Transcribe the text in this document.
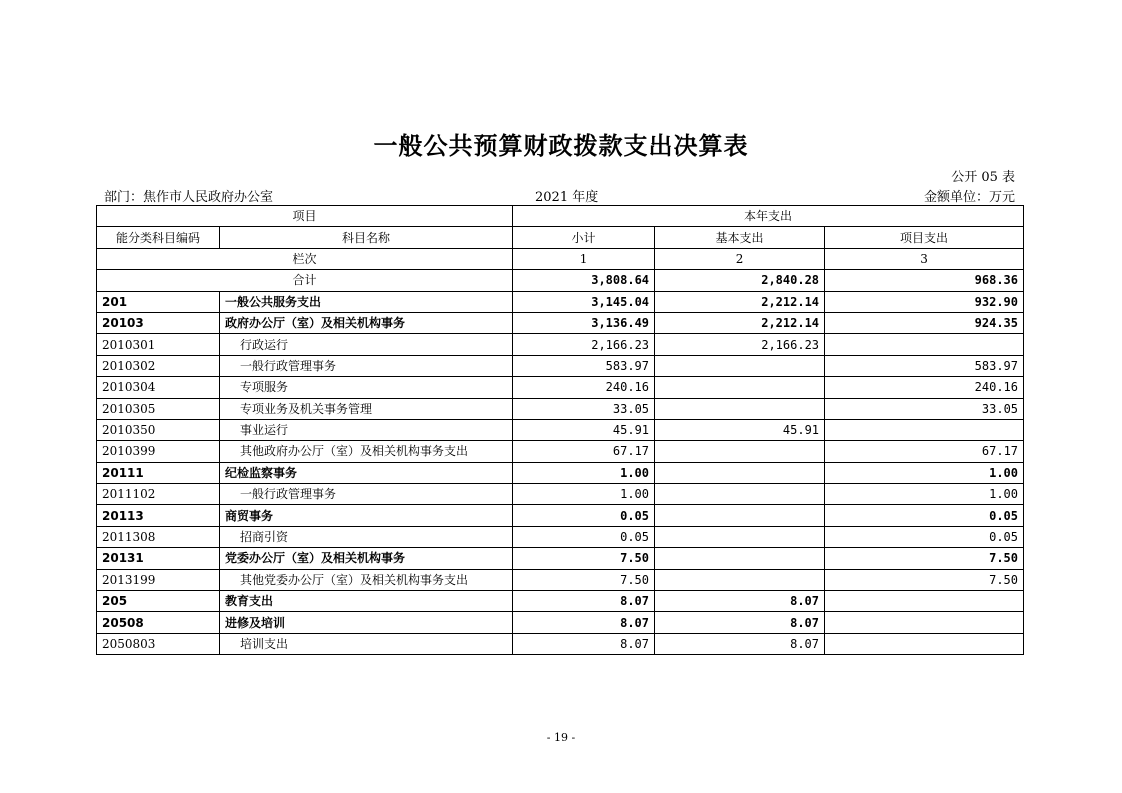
一般公共预算财政拨款支出决算表
公开 05 表
部门：焦作市人民政府办公室	2021 年度	金额单位：万元
项目		本年支出		
能分类科目编码	科目名称	小计	基本支出	项目支出
栏次		1	2	3
合计		3,808.64	2,840.28	968.36
201	一般公共服务支出	3,145.04	2,212.14	932.90
20103	政府办公厅（室）及相关机构事务	3,136.49	2,212.14	924.35
2010301	行政运行	2,166.23	2,166.23	
2010302	一般行政管理事务	583.97		583.97
2010304	专项服务	240.16		240.16
2010305	专项业务及机关事务管理	33.05		33.05
2010350	事业运行	45.91	45.91	
2010399	其他政府办公厅（室）及相关机构事务支出	67.17		67.17
20111	纪检监察事务	1.00		1.00
2011102	一般行政管理事务	1.00		1.00
20113	商贸事务	0.05		0.05
2011308	招商引资	0.05		0.05
20131	党委办公厅（室）及相关机构事务	7.50		7.50
2013199	其他党委办公厅（室）及相关机构事务支出	7.50		7.50
205	教育支出	8.07	8.07	
20508	进修及培训	8.07	8.07	
2050803	培训支出	8.07	8.07	
- 19 -
